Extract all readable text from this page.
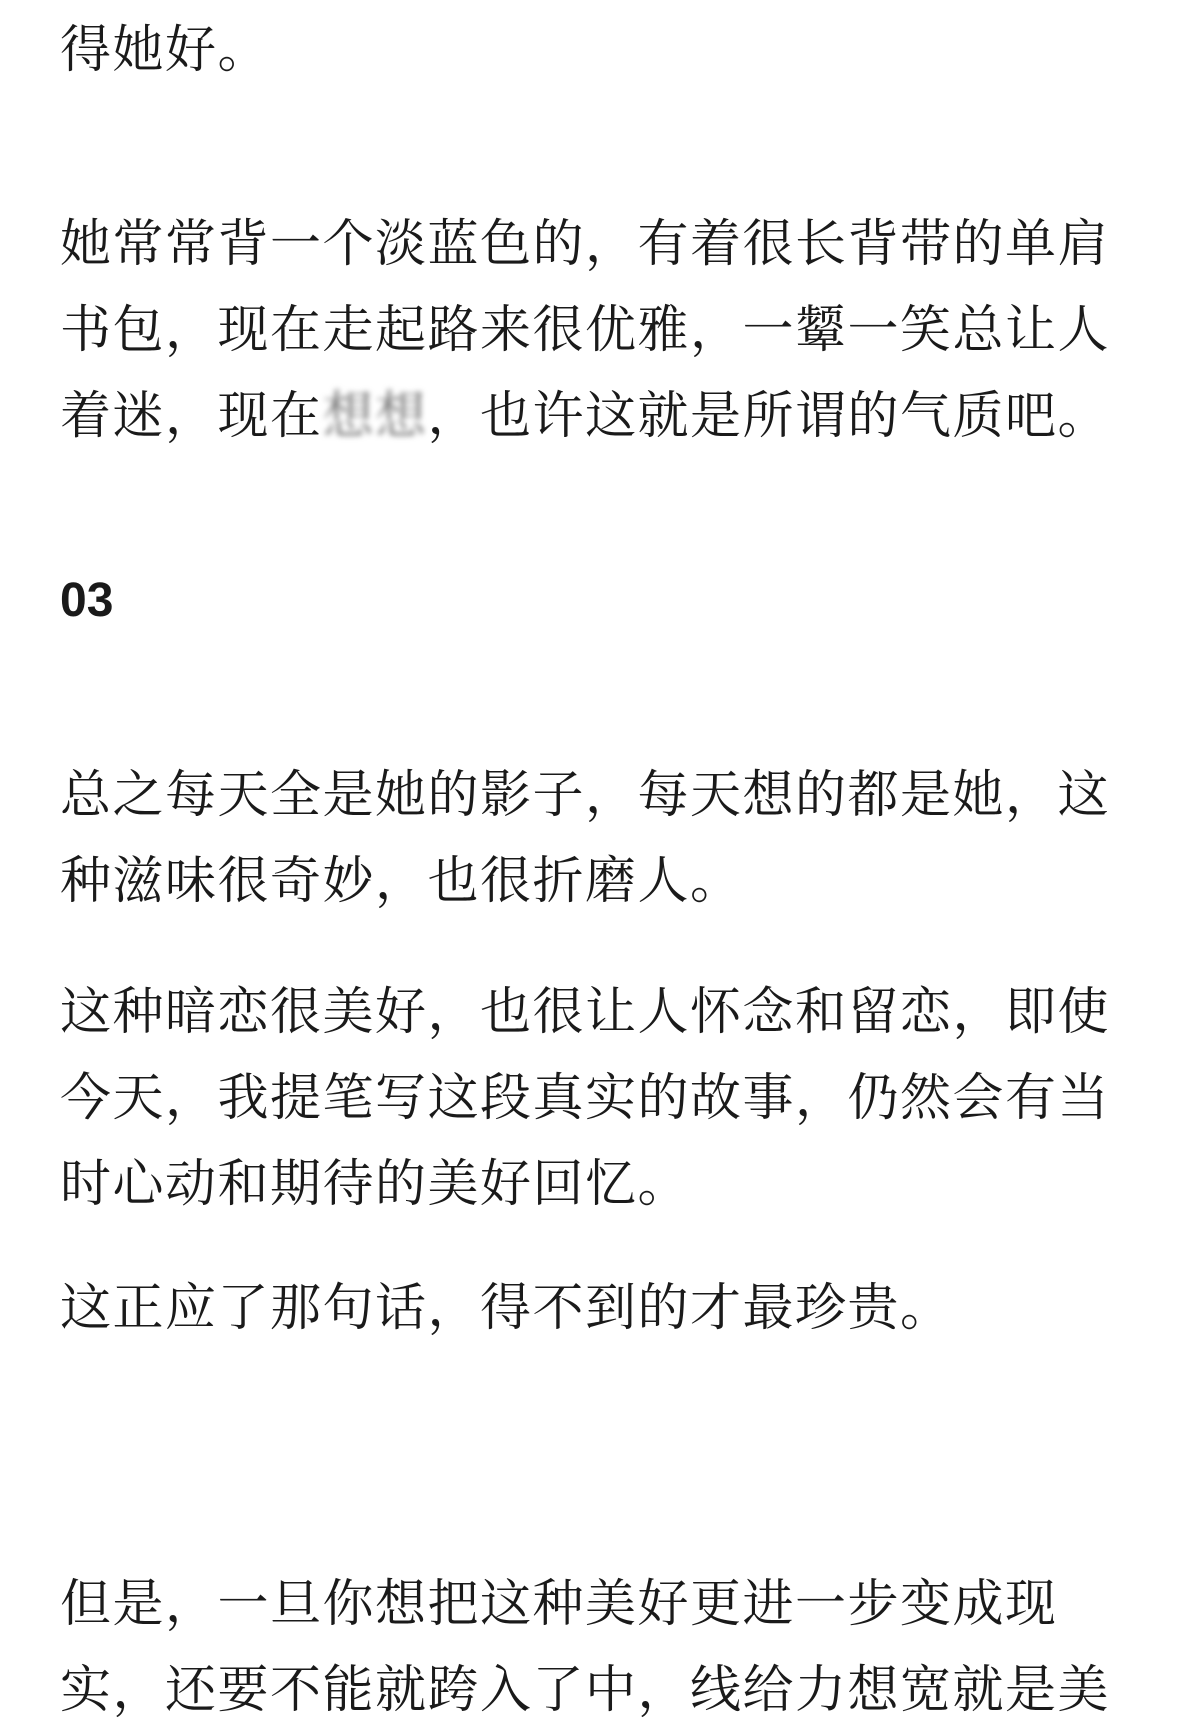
得她好。

她常常背一个淡蓝色的，有着很长背带的单肩
书包，现在走起路来很优雅，一颦一笑总让人
着迷，现在想想，也许这就是所谓的气质吧。

03

总之每天全是她的影子，每天想的都是她，这
种滋味很奇妙，也很折磨人。

这种暗恋很美好，也很让人怀念和留恋，即使
今天，我提笔写这段真实的故事，仍然会有当
时心动和期待的美好回忆。

这正应了那句话，得不到的才最珍贵。

但是，一旦你想把这种美好更进一步变成现
实，还要不能就跨入了中，线给力想宽就是美
